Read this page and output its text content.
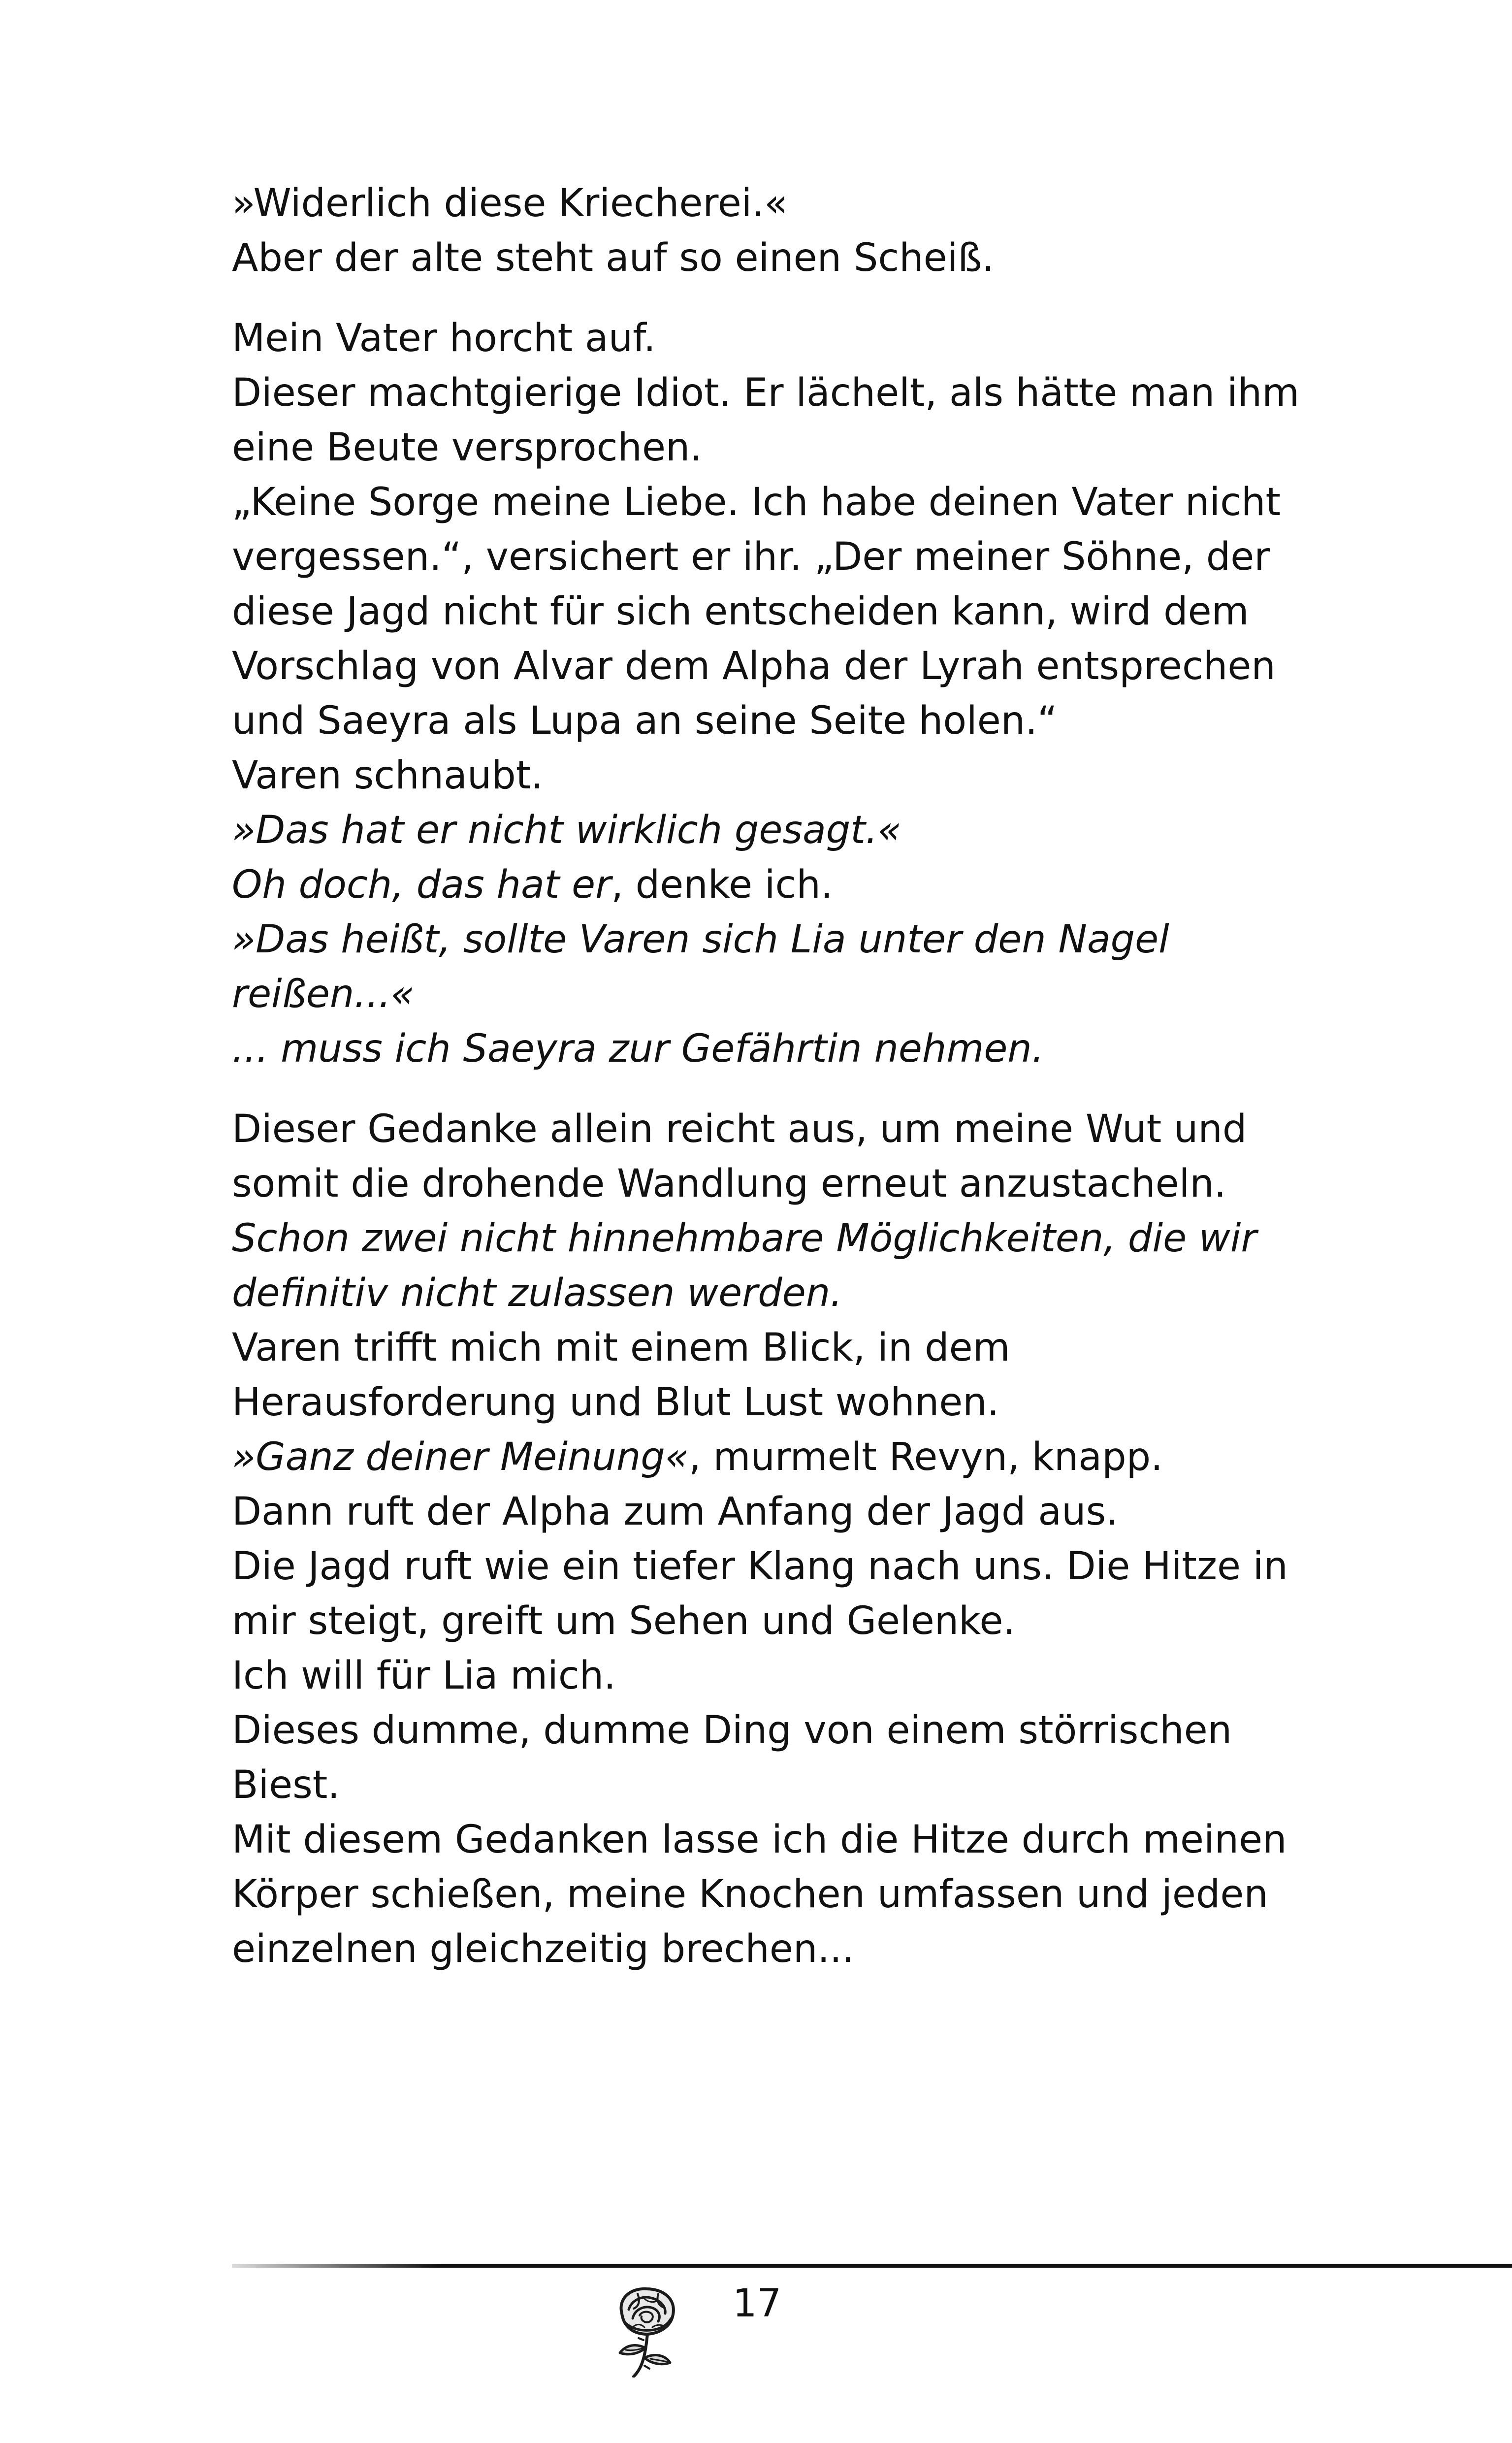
»Widerlich diese Kriecherei.«
Aber der alte steht auf so einen Scheiß.
Mein Vater horcht auf.
Dieser machtgierige Idiot. Er lächelt, als hätte man ihm
eine Beute versprochen.
„Keine Sorge meine Liebe. Ich habe deinen Vater nicht
vergessen.“, versichert er ihr. „Der meiner Söhne, der
diese Jagd nicht für sich entscheiden kann, wird dem
Vorschlag von Alvar dem Alpha der Lyrah entsprechen
und Saeyra als Lupa an seine Seite holen.“
Varen schnaubt.
»Das hat er nicht wirklich gesagt.«
Oh doch, das hat er, denke ich.
»Das heißt, sollte Varen sich Lia unter den Nagel
reißen...«
... muss ich Saeyra zur Gefährtin nehmen.
Dieser Gedanke allein reicht aus, um meine Wut und
somit die drohende Wandlung erneut anzustacheln.
Schon zwei nicht hinnehmbare Möglichkeiten, die wir
definitiv nicht zulassen werden.
Varen trifft mich mit einem Blick, in dem
Herausforderung und Blut Lust wohnen.
»Ganz deiner Meinung«, murmelt Revyn, knapp.
Dann ruft der Alpha zum Anfang der Jagd aus.
Die Jagd ruft wie ein tiefer Klang nach uns. Die Hitze in
mir steigt, greift um Sehen und Gelenke.
Ich will für Lia mich.
Dieses dumme, dumme Ding von einem störrischen
Biest.
Mit diesem Gedanken lasse ich die Hitze durch meinen
Körper schießen, meine Knochen umfassen und jeden
einzelnen gleichzeitig brechen...
17
